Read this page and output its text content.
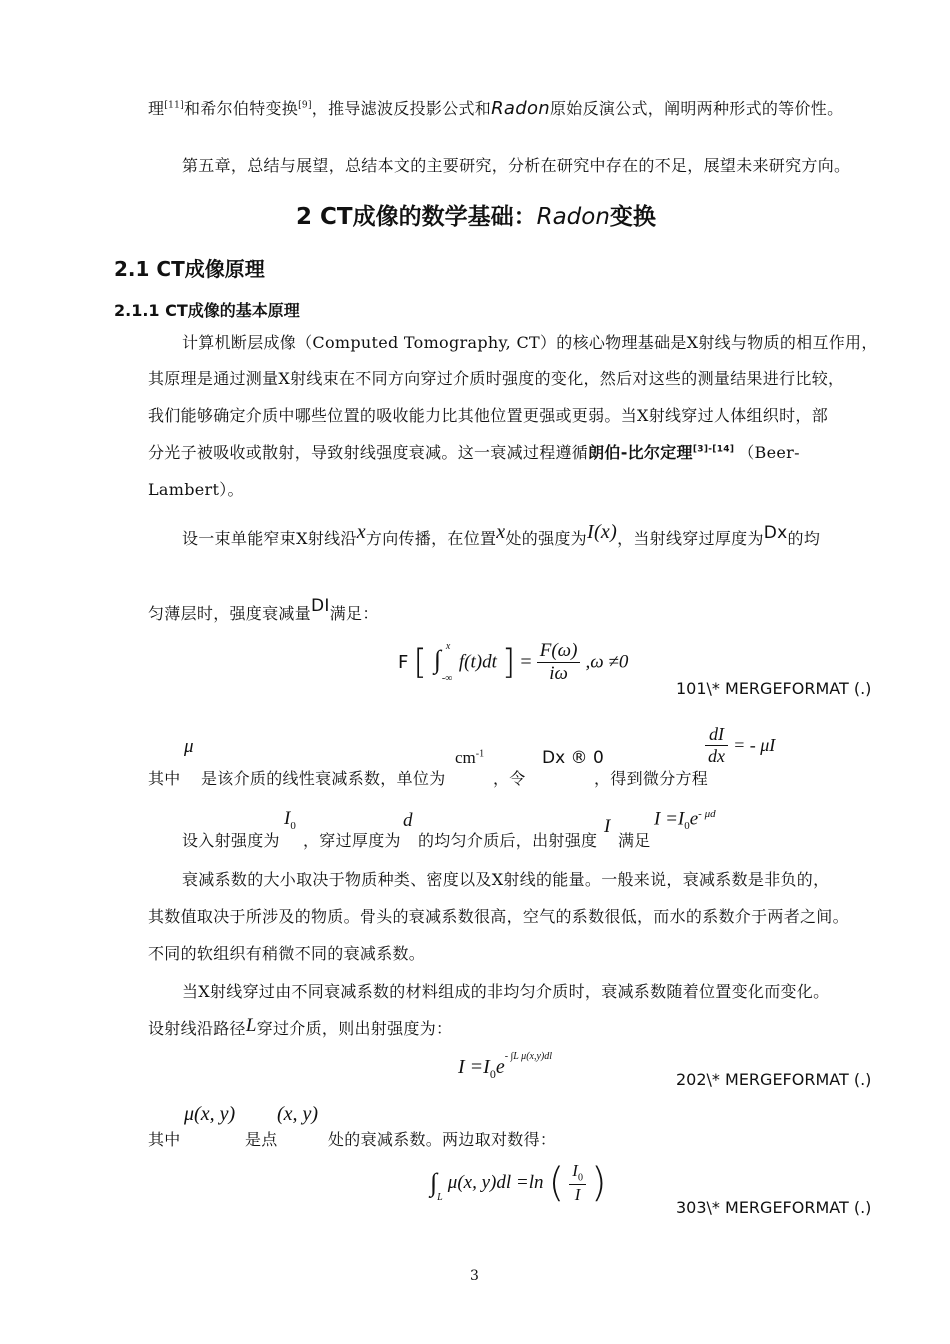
理[11]和希尔伯特变换[9]，推导滤波反投影公式和Radon原始反演公式，阐明两种形式的等价性。
第五章，总结与展望，总结本文的主要研究，分析在研究中存在的不足，展望未来研究方向。
2 CT成像的数学基础：Radon变换
2.1 CT成像原理
2.1.1 CT成像的基本原理
计算机断层成像（Computed Tomography, CT）的核心物理基础是X射线与物质的相互作用，
其原理是通过测量X射线束在不同方向穿过介质时强度的变化，然后对这些的测量结果进行比较，
我们能够确定介质中哪些位置的吸收能力比其他位置更强或更弱。当X射线穿过人体组织时，部
分光子被吸收或散射，导致射线强度衰减。这一衰减过程遵循朗伯-比尔定理[3]-[14] （Beer-
Lambert）。
设一束单能窄束X射线沿x方向传播，在位置x处的强度为I(x)，当射线穿过厚度为Dx的均
匀薄层时，强度衰减量DI满足：
F [ ∫ x
-∞
f(t)dt ] = $\frac{F(\omega)}{i\omega} ,\omega \ne 0$
101\* MERGEFORMAT (.)
其中
μ
是该介质的线性衰减系数，单位为
$cm^{-1}$
，令
Dx ® 0
，得到微分方程
$\frac{dI}{dx}$ = - μI
设入射强度为
$I_0$
，穿过厚度为
d
的均匀介质后，出射强度
I
满足
$I =I_0e^{- \mu d}$
衰减系数的大小取决于物质种类、密度以及X射线的能量。一般来说，衰减系数是非负的，
其数值取决于所涉及的物质。骨头的衰减系数很高，空气的系数很低，而水的系数介于两者之间。
不同的软组织有稍微不同的衰减系数。
当X射线穿过由不同衰减系数的材料组成的非均匀介质时，衰减系数随着位置变化而变化。
设射线沿路径L穿过介质，则出射强度为：
$I =I_0e^{- \int L \mu(x,y)dl}$
202\* MERGEFORMAT (.)
其中
μ(x, y)
是点
(x, y)
处的衰减系数。两边取对数得：
$\int_L$ μ(x, y)dl =ln ( $\frac{I_0}{I}$ )
303\* MERGEFORMAT (.)
3
